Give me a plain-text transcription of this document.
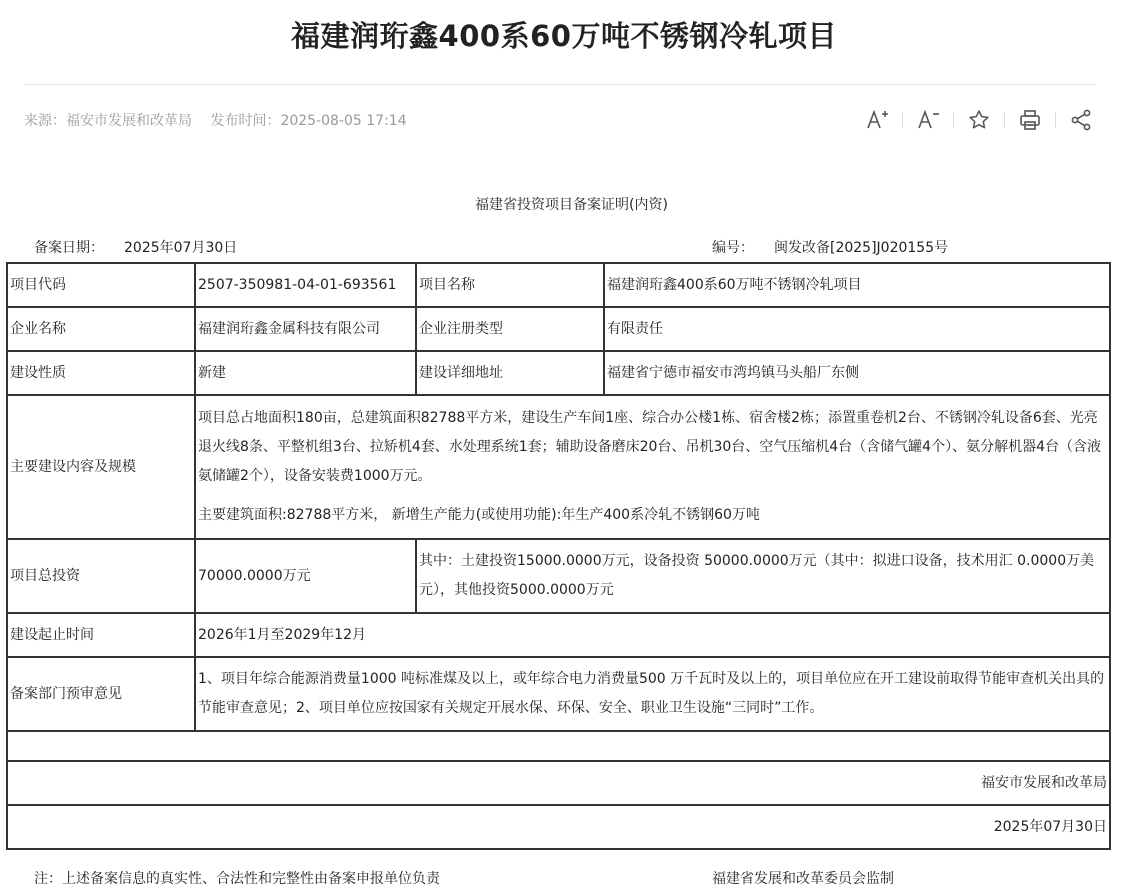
福建润珩鑫400系60万吨不锈钢冷轧项目
来源：福安市发展和改革局 发布时间：2025-08-05 17:14
福建省投资项目备案证明(内资)
备案日期： 2025年07月30日	编号： 闽发改备[2025]J020155号
项目代码	2507-350981-04-01-693561	项目名称	福建润珩鑫400系60万吨不锈钢冷轧项目
企业名称	福建润珩鑫金属科技有限公司	企业注册类型	有限责任
建设性质	新建	建设详细地址	福建省宁德市福安市湾坞镇马头船厂东侧
主要建设内容及规模	项目总占地面积180亩，总建筑面积82788平方米，建设生产车间1座、综合办公楼1栋、宿舍楼2栋；添置重卷机2台、不锈钢冷轧设备6套、光亮退火线8条、平整机组3台、拉矫机4套、水处理系统1套；辅助设备磨床20台、吊机30台、空气压缩机4台（含储气罐4个）、氨分解机器4台（含液氨储罐2个），设备安装费1000万元。
主要建筑面积:82788平方米， 新增生产能力(或使用功能):年生产400系冷轧不锈钢60万吨		

项目总投资	70000.0000万元	其中：土建投资15000.0000万元，设备投资 50000.0000万元（其中：拟进口设备，技术用汇 0.0000万美元），其他投资5000.0000万元	
建设起止时间	2026年1月至2029年12月		
备案部门预审意见	1、项目年综合能源消费量1000 吨标准煤及以上，或年综合电力消费量500 万千瓦时及以上的，项目单位应在开工建设前取得节能审查机关出具的节能审查意见；2、项目单位应按国家有关规定开展水保、环保、安全、职业卫生设施“三同时”工作。		

福安市发展和改革局			
2025年07月30日			
注：上述备案信息的真实性、合法性和完整性由备案申报单位负责	福建省发展和改革委员会监制
